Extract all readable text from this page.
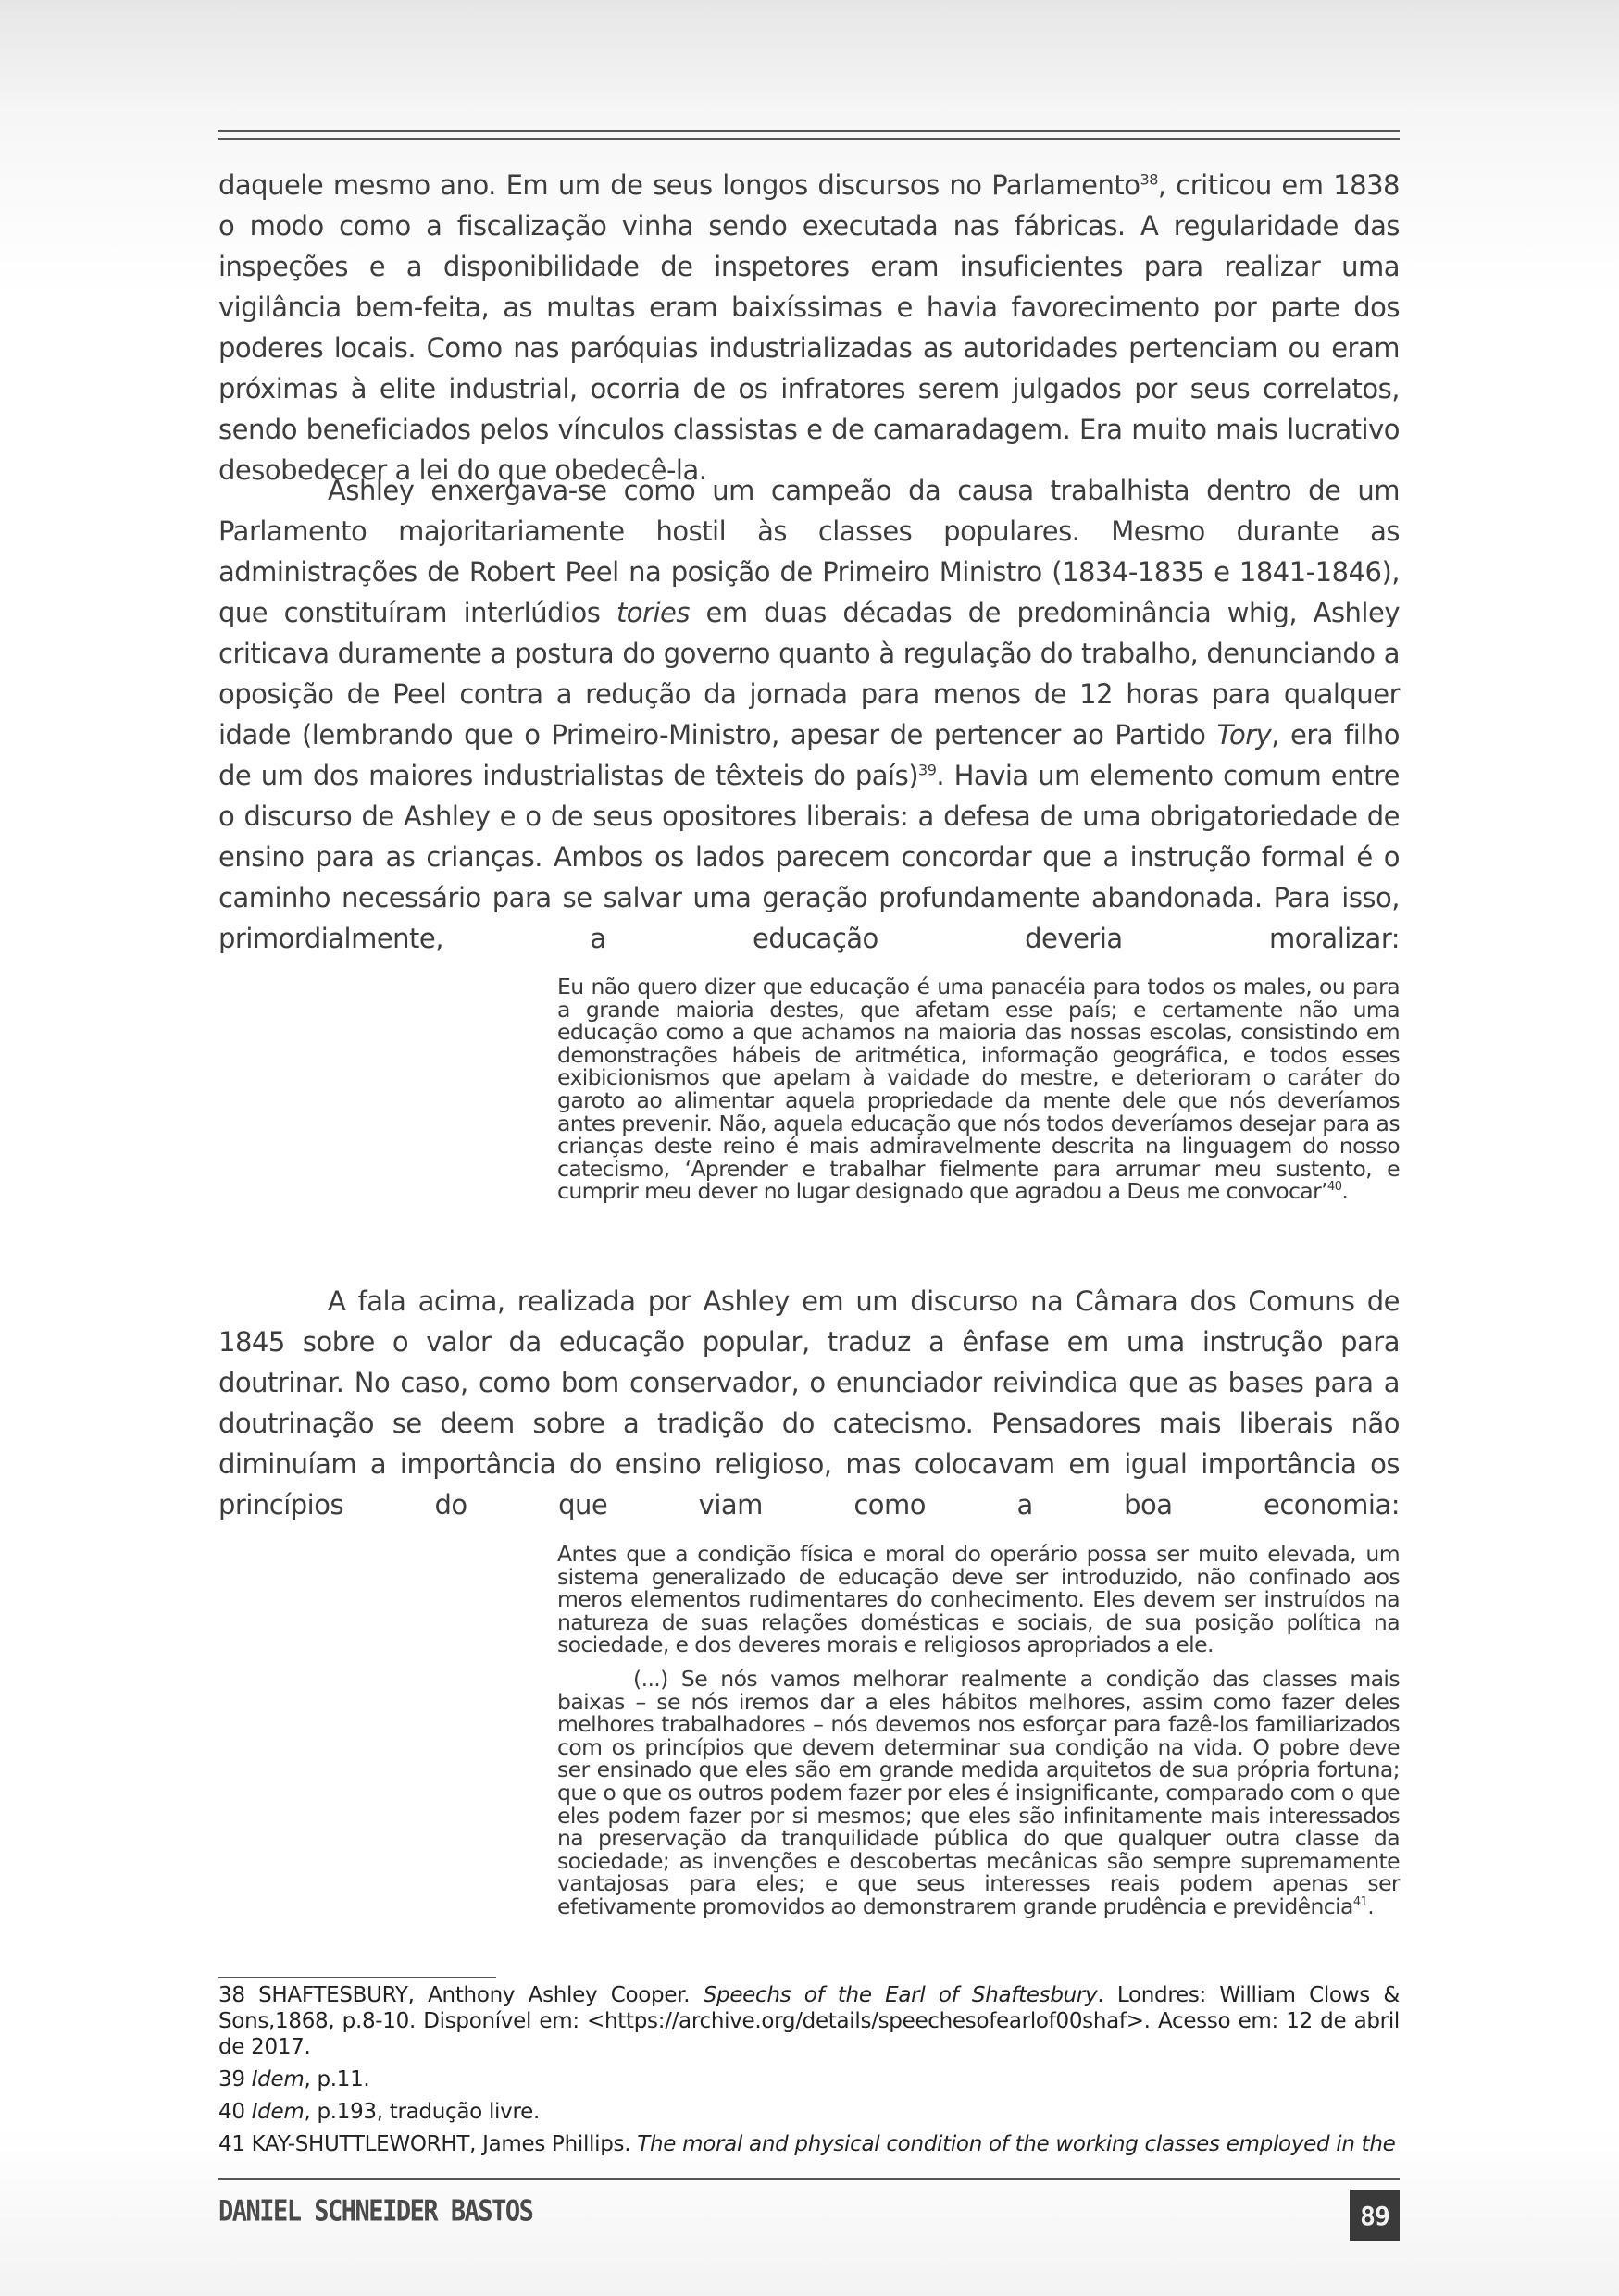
daquele mesmo ano. Em um de seus longos discursos no Parlamento$^{38}$, criticou em 1838 o modo como a fiscalização vinha sendo executada nas fábricas. A regularidade das inspeções e a disponibilidade de inspetores eram insuficientes para realizar uma vigilância bem-feita, as multas eram baixíssimas e havia favorecimento por parte dos poderes locais. Como nas paróquias industrializadas as autoridades pertenciam ou eram próximas à elite industrial, ocorria de os infratores serem julgados por seus correlatos, sendo beneficiados pelos vínculos classistas e de camaradagem. Era muito mais lucrativo desobedecer a lei do que obedecê-la.

Ashley enxergava-se como um campeão da causa trabalhista dentro de um Parlamento majoritariamente hostil às classes populares. Mesmo durante as administrações de Robert Peel na posição de Primeiro Ministro (1834-1835 e 1841-1846), que constituíram interlúdios tories em duas décadas de predominância whig, Ashley criticava duramente a postura do governo quanto à regulação do trabalho, denunciando a oposição de Peel contra a redução da jornada para menos de 12 horas para qualquer idade (lembrando que o Primeiro-Ministro, apesar de pertencer ao Partido Tory, era filho de um dos maiores industrialistas de têxteis do país)$^{39}$. Havia um elemento comum entre o discurso de Ashley e o de seus opositores liberais: a defesa de uma obrigatoriedade de ensino para as crianças. Ambos os lados parecem concordar que a instrução formal é o caminho necessário para se salvar uma geração profundamente abandonada. Para isso, primordialmente, a educação deveria moralizar:

Eu não quero dizer que educação é uma panacéia para todos os males, ou para a grande maioria destes, que afetam esse país; e certamente não uma educação como a que achamos na maioria das nossas escolas, consistindo em demonstrações hábeis de aritmética, informação geográfica, e todos esses exibicionismos que apelam à vaidade do mestre, e deterioram o caráter do garoto ao alimentar aquela propriedade da mente dele que nós deveríamos antes prevenir. Não, aquela educação que nós todos deveríamos desejar para as crianças deste reino é mais admiravelmente descrita na linguagem do nosso catecismo, ‘Aprender e trabalhar fielmente para arrumar meu sustento, e cumprir meu dever no lugar designado que agradou a Deus me convocar’$^{40}$.

A fala acima, realizada por Ashley em um discurso na Câmara dos Comuns de 1845 sobre o valor da educação popular, traduz a ênfase em uma instrução para doutrinar. No caso, como bom conservador, o enunciador reivindica que as bases para a doutrinação se deem sobre a tradição do catecismo. Pensadores mais liberais não diminuíam a importância do ensino religioso, mas colocavam em igual importância os princípios do que viam como a boa economia:

Antes que a condição física e moral do operário possa ser muito elevada, um sistema generalizado de educação deve ser introduzido, não confinado aos meros elementos rudimentares do conhecimento. Eles devem ser instruídos na natureza de suas relações domésticas e sociais, de sua posição política na sociedade, e dos deveres morais e religiosos apropriados a ele.

(...) Se nós vamos melhorar realmente a condição das classes mais baixas – se nós iremos dar a eles hábitos melhores, assim como fazer deles melhores trabalhadores – nós devemos nos esforçar para fazê-los familiarizados com os princípios que devem determinar sua condição na vida. O pobre deve ser ensinado que eles são em grande medida arquitetos de sua própria fortuna; que o que os outros podem fazer por eles é insignificante, comparado com o que eles podem fazer por si mesmos; que eles são infinitamente mais interessados na preservação da tranquilidade pública do que qualquer outra classe da sociedade; as invenções e descobertas mecânicas são sempre supremamente vantajosas para eles; e que seus interesses reais podem apenas ser efetivamente promovidos ao demonstrarem grande prudência e previdência$^{41}$.

38 SHAFTESBURY, Anthony Ashley Cooper. Speechs of the Earl of Shaftesbury. Londres: William Clows & Sons,1868, p.8-10. Disponível em: <https://archive.org/details/speechesofearlof00shaf>. Acesso em: 12 de abril de 2017.

39 Idem, p.11.

40 Idem, p.193, tradução livre.

41 KAY-SHUTTLEWORHT, James Phillips. The moral and physical condition of the working classes employed in the

DANIEL SCHNEIDER BASTOS	89
